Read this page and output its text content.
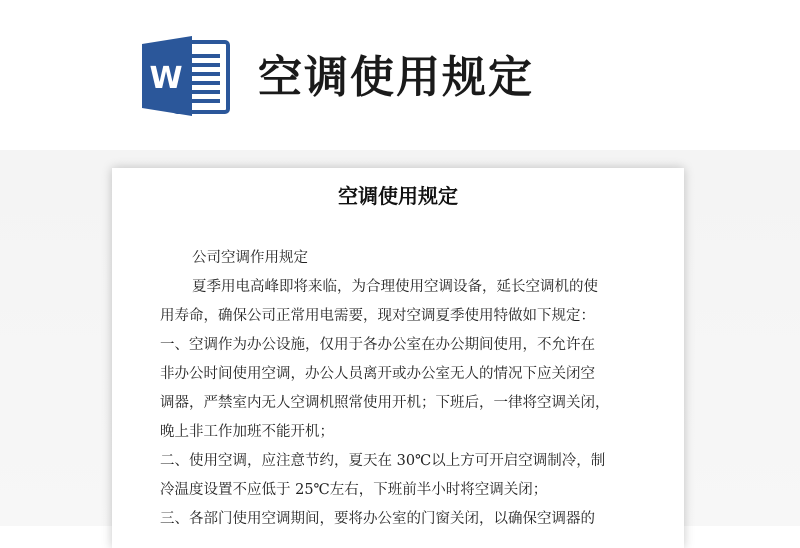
W 空调使用规定
空调使用规定
公司空调作用规定
夏季用电高峰即将来临，为合理使用空调设备，延长空调机的使
用寿命，确保公司正常用电需要，现对空调夏季使用特做如下规定：
一、空调作为办公设施，仅用于各办公室在办公期间使用，不允许在
非办公时间使用空调，办公人员离开或办公室无人的情况下应关闭空
调器，严禁室内无人空调机照常使用开机；下班后，一律将空调关闭，
晚上非工作加班不能开机；
二、使用空调，应注意节约，夏天在 30℃以上方可开启空调制冷，制
冷温度设置不应低于 25℃左右，下班前半小时将空调关闭；
三、各部门使用空调期间，要将办公室的门窗关闭，以确保空调器的
